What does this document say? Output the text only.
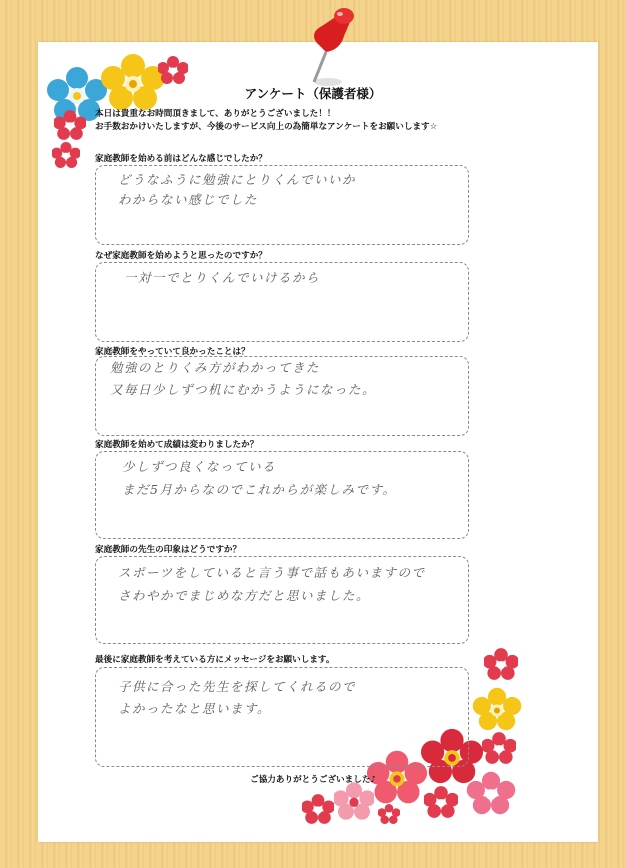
アンケート（保護者様）
本日は貴重なお時間頂きまして、ありがとうございました！！
お手数おかけいたしますが、今後のサービス向上の為簡単なアンケートをお願いします☆
家庭教師を始める前はどんな感じでしたか？
どうなふうに勉強にとりくんでいいか
わからない感じでした
なぜ家庭教師を始めようと思ったのですか？
一対一でとりくんでいけるから
家庭教師をやっていて良かったことは？
勉強のとりくみ方がわかってきた
又毎日少しずつ机にむかうようになった。
家庭教師を始めて成績は変わりましたか？
少しずつ良くなっている
まだ5月からなのでこれからが楽しみです。
家庭教師の先生の印象はどうですか？
スポーツをしていると言う事で話もあいますので
さわやかでまじめな方だと思いました。
最後に家庭教師を考えている方にメッセージをお願いします。
子供に合った先生を探してくれるので
よかったなと思います。
ご協力ありがとうございました♪
